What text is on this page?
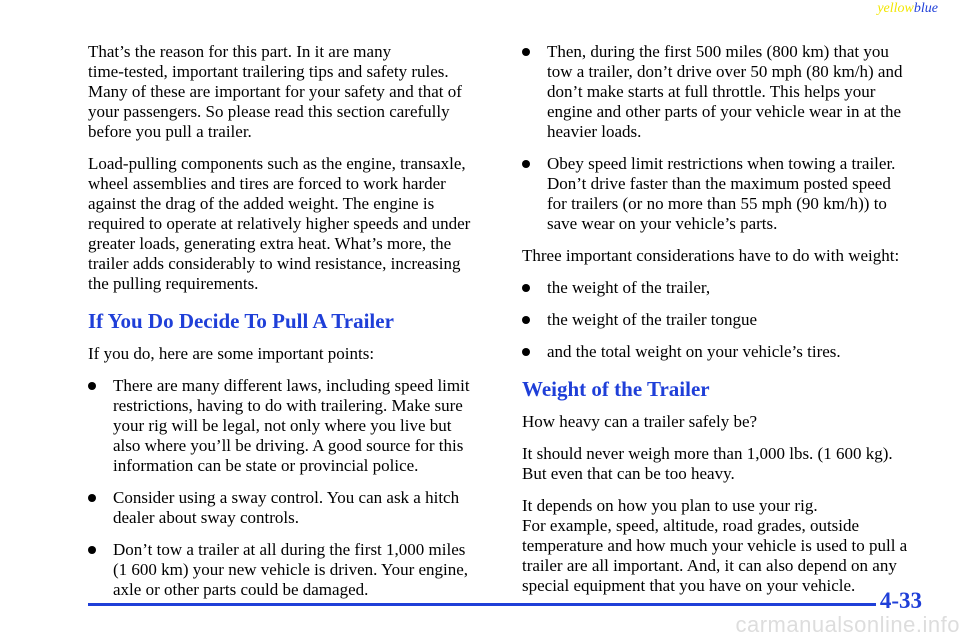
yellowblue

That’s the reason for this part. In it are many
time-tested, important trailering tips and safety rules.
Many of these are important for your safety and that of
your passengers. So please read this section carefully
before you pull a trailer.

Load-pulling components such as the engine, transaxle,
wheel assemblies and tires are forced to work harder
against the drag of the added weight. The engine is
required to operate at relatively higher speeds and under
greater loads, generating extra heat. What’s more, the
trailer adds considerably to wind resistance, increasing
the pulling requirements.

If You Do Decide To Pull A Trailer

If you do, here are some important points:

There are many different laws, including speed limit
restrictions, having to do with trailering. Make sure
your rig will be legal, not only where you live but
also where you’ll be driving. A good source for this
information can be state or provincial police.
Consider using a sway control. You can ask a hitch
dealer about sway controls.
Don’t tow a trailer at all during the first 1,000 miles
(1 600 km) your new vehicle is driven. Your engine,
axle or other parts could be damaged.
Then, during the first 500 miles (800 km) that you
tow a trailer, don’t drive over 50 mph (80 km/h) and
don’t make starts at full throttle. This helps your
engine and other parts of your vehicle wear in at the
heavier loads.
Obey speed limit restrictions when towing a trailer.
Don’t drive faster than the maximum posted speed
for trailers (or no more than 55 mph (90 km/h)) to
save wear on your vehicle’s parts.

Three important considerations have to do with weight:

the weight of the trailer,
the weight of the trailer tongue
and the total weight on your vehicle’s tires.
Weight of the Trailer

How heavy can a trailer safely be?

It should never weigh more than 1,000 lbs. (1 600 kg).
But even that can be too heavy.

It depends on how you plan to use your rig.
For example, speed, altitude, road grades, outside
temperature and how much your vehicle is used to pull a
trailer are all important. And, it can also depend on any
special equipment that you have on your vehicle.

4-33
carmanualsonline.info
